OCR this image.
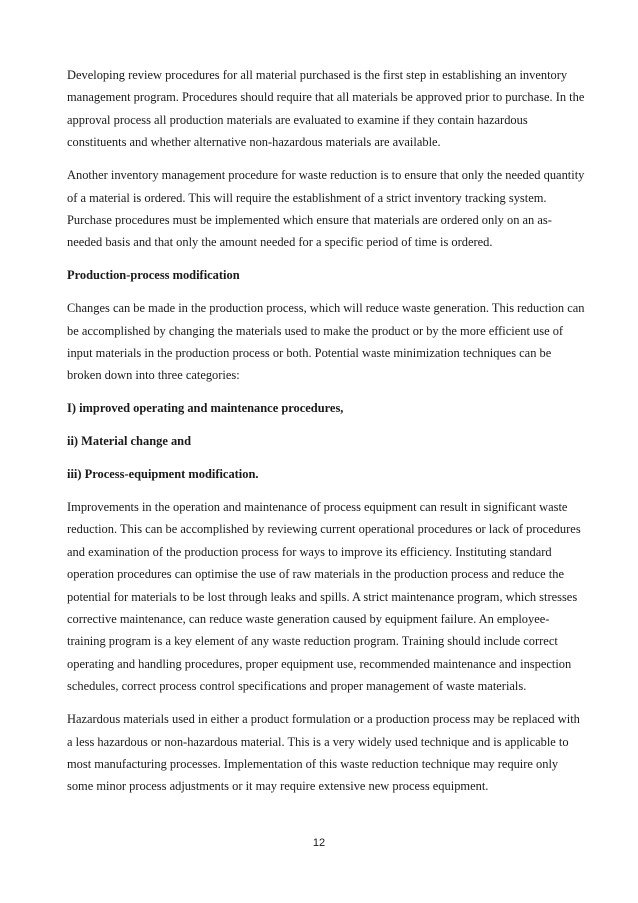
Developing review procedures for all material purchased is the first step in establishing an inventory management program. Procedures should require that all materials be approved prior to purchase. In the approval process all production materials are evaluated to examine if they contain hazardous constituents and whether alternative non-hazardous materials are available.

Another inventory management procedure for waste reduction is to ensure that only the needed quantity of a material is ordered. This will require the establishment of a strict inventory tracking system. Purchase procedures must be implemented which ensure that materials are ordered only on an as-needed basis and that only the amount needed for a specific period of time is ordered.

Production-process modification

Changes can be made in the production process, which will reduce waste generation. This reduction can be accomplished by changing the materials used to make the product or by the more efficient use of input materials in the production process or both. Potential waste minimization techniques can be broken down into three categories:

I) improved operating and maintenance procedures,

ii) Material change and

iii) Process-equipment modification.

Improvements in the operation and maintenance of process equipment can result in significant waste reduction. This can be accomplished by reviewing current operational procedures or lack of procedures and examination of the production process for ways to improve its efficiency. Instituting standard operation procedures can optimise the use of raw materials in the production process and reduce the potential for materials to be lost through leaks and spills. A strict maintenance program, which stresses corrective maintenance, can reduce waste generation caused by equipment failure. An employee-training program is a key element of any waste reduction program. Training should include correct operating and handling procedures, proper equipment use, recommended maintenance and inspection schedules, correct process control specifications and proper management of waste materials.

Hazardous materials used in either a product formulation or a production process may be replaced with a less hazardous or non-hazardous material. This is a very widely used technique and is applicable to most manufacturing processes. Implementation of this waste reduction technique may require only some minor process adjustments or it may require extensive new process equipment.

12
